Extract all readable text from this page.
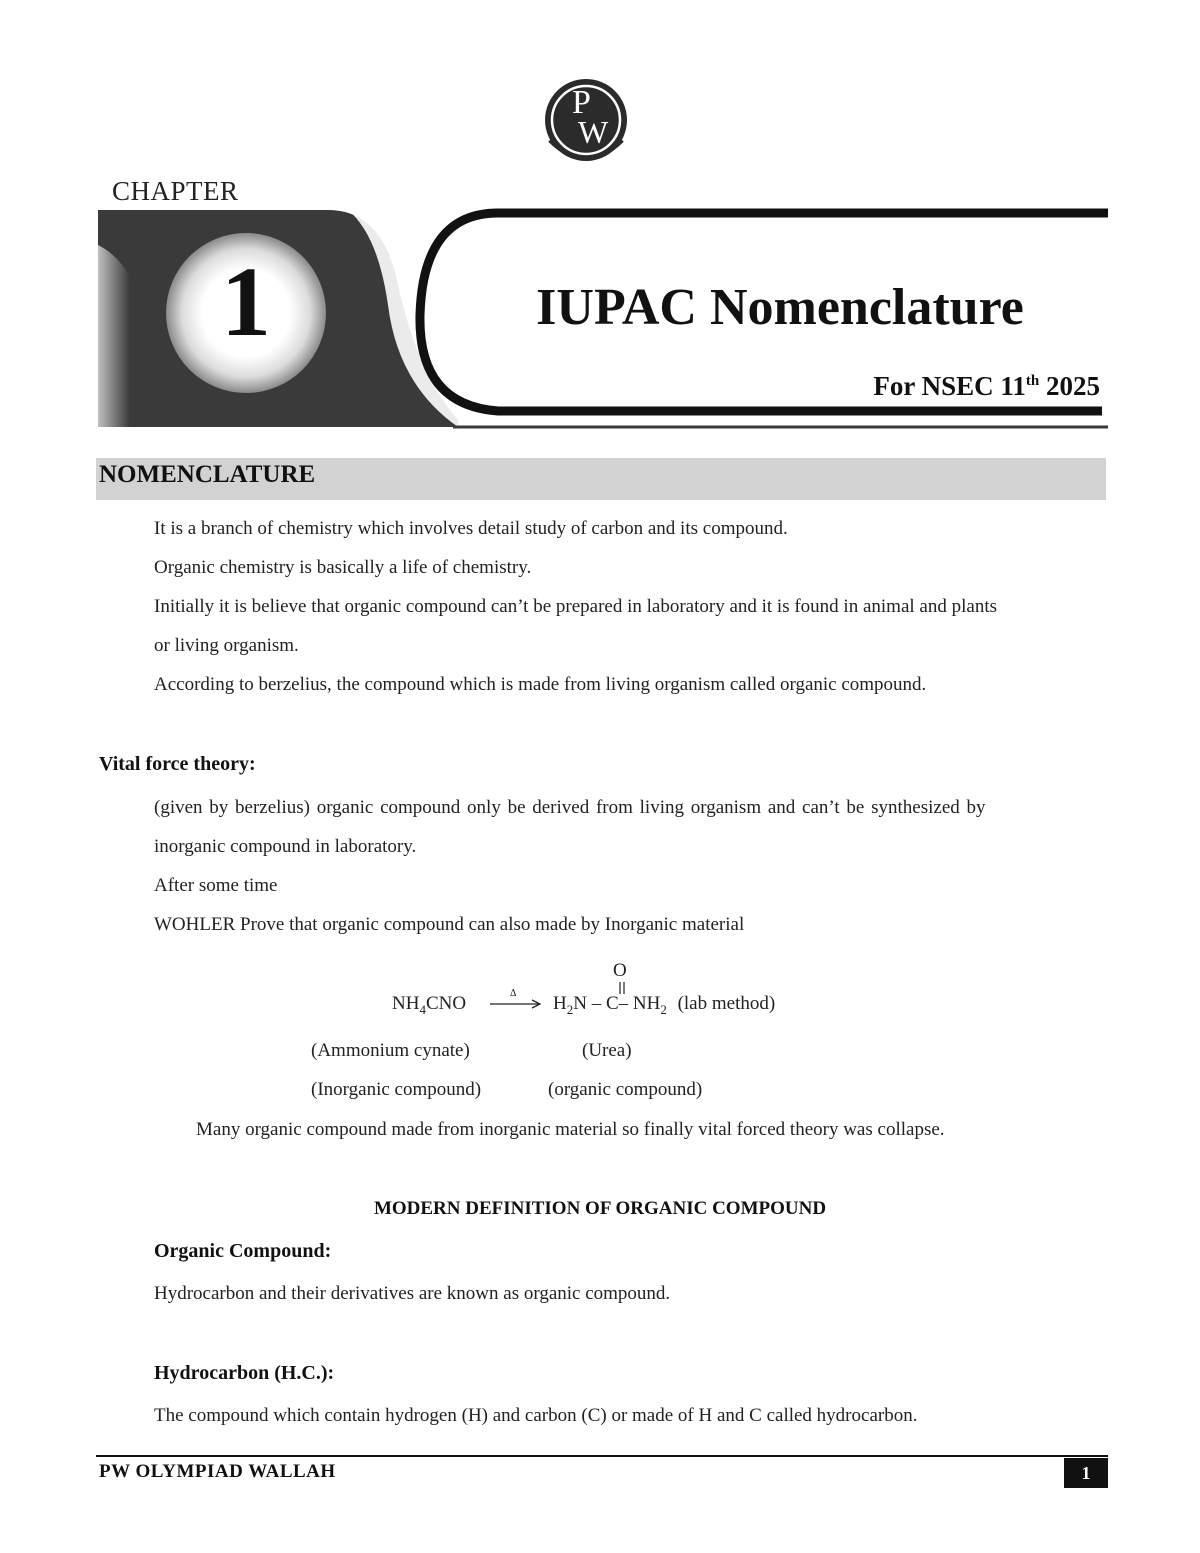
P
W
CHAPTER
1	IUPAC Nomenclature
For NSEC 11th 2025
NOMENCLATURE
It is a branch of chemistry which involves detail study of carbon and its compound.
Organic chemistry is basically a life of chemistry.
Initially it is believe that organic compound can’t be prepared in laboratory and it is found in animal and plants
or living organism.
According to berzelius, the compound which is made from living organism called organic compound.
Vital force theory:
(given by berzelius) organic compound only be derived from living organism and can’t be synthesized by
inorganic compound in laboratory.
After some time
WOHLER Prove that organic compound can also made by Inorganic material
$NH_4CNO$ →
Δ
O
$H_2N - C-$ $NH_2$ (lab method)
(Ammonium cynate)	(Urea)
(Inorganic compound)	(organic compound)
Many organic compound made from inorganic material so finally vital forced theory was collapse.
MODERN DEFINITION OF ORGANIC COMPOUND
Organic Compound:
Hydrocarbon and their derivatives are known as organic compound.
Hydrocarbon (H.C.):
The compound which contain hydrogen (H) and carbon (C) or made of H and C called hydrocarbon.
PW OLYMPIAD WALLAH	1
